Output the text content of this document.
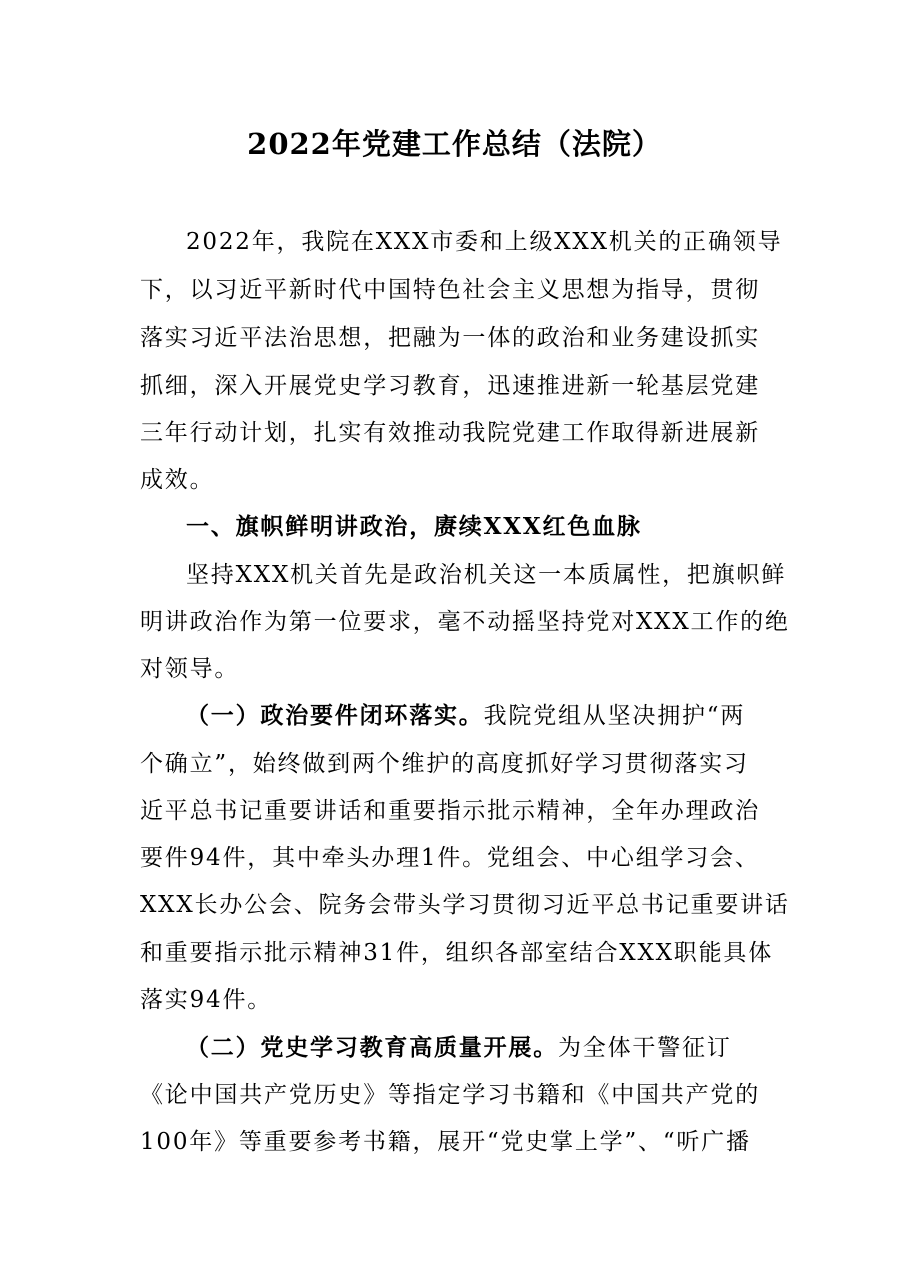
2022年党建工作总结（法院）
2022年，我院在XXX市委和上级XXX机关的正确领导
下，以习近平新时代中国特色社会主义思想为指导，贯彻
落实习近平法治思想，把融为一体的政治和业务建设抓实
抓细，深入开展党史学习教育，迅速推进新一轮基层党建
三年行动计划，扎实有效推动我院党建工作取得新进展新
成效。
一、旗帜鲜明讲政治，赓续XXX红色血脉
坚持XXX机关首先是政治机关这一本质属性，把旗帜鲜
明讲政治作为第一位要求，毫不动摇坚持党对XXX工作的绝
对领导。
（一）政治要件闭环落实。我院党组从坚决拥护“两
个确立”，始终做到两个维护的高度抓好学习贯彻落实习
近平总书记重要讲话和重要指示批示精神，全年办理政治
要件94件，其中牵头办理1件。党组会、中心组学习会、
XXX长办公会、院务会带头学习贯彻习近平总书记重要讲话
和重要指示批示精神31件，组织各部室结合XXX职能具体
落实94件。
（二）党史学习教育高质量开展。为全体干警征订
《论中国共产党历史》等指定学习书籍和《中国共产党的
100年》等重要参考书籍，展开“党史掌上学”、“听广播
